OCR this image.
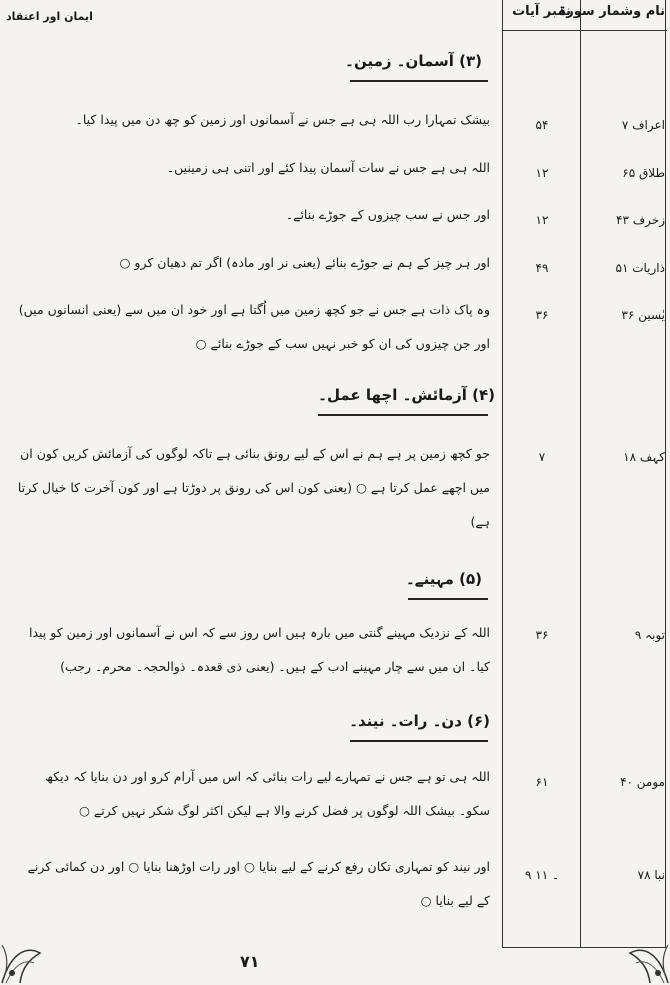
ایمان اور اعتقاد	نام وشمار سورۃ
نمبر آیات
(۳) آسمان۔ زمین۔
اعراف ۷
۵۴
بیشک تمہارا رب اللہ ہی ہے جس نے آسمانوں اور زمین کو چھ دن میں پیدا کیا۔
طلاق ۶۵
۱۲
اللہ ہی ہے جس نے سات آسمان پیدا کئے اور اتنی ہی زمینیں۔
زخرف ۴۳
۱۲
اور جس نے سب چیزوں کے جوڑے بنائے۔
ذاریات ۵۱
۴۹
اور ہر چیز کے ہم نے جوڑے بنائے (یعنی نر اور مادہ) اگر تم دھیان کرو ○
یٰسین ۳۶
۳۶
وہ پاک ذات ہے جس نے جو کچھ زمین میں اُگتا ہے اور خود ان میں سے (یعنی انسانوں میں) اور جن چیزوں کی ان کو خبر نہیں سب کے جوڑے بنائے ○
(۴) آزمائش۔ اچھا عمل۔
کہف ۱۸
۷
جو کچھ زمین پر ہے ہم نے اس کے لیے رونق بنائی ہے تاکہ لوگوں کی آزمائش کریں کون ان میں اچھے عمل کرتا ہے ○ (یعنی کون اس کی رونق پر دوڑتا ہے اور کون آخرت کا خیال کرتا ہے)
(۵) مہینے۔
توبہ ۹
۳۶
اللہ کے نزدیک مہینے گنتی میں بارہ ہیں اس روز سے کہ اس نے آسمانوں اور زمین کو پیدا کیا۔ ان میں سے چار مہینے ادب کے ہیں۔ (یعنی ذی قعدہ۔ ذوالحجہ۔ محرم۔ رجب)
(۶) دن۔ رات۔ نیند۔
مومن ۴۰
۶۱
اللہ ہی تو ہے جس نے تمہارے لیے رات بنائی کہ اس میں آرام کرو اور دن بنایا کہ دیکھ سکو۔ بیشک اللہ لوگوں پر فضل کرنے والا ہے لیکن اکثر لوگ شکر نہیں کرتے ○
نبا ۷۸
۹ ۔ ۱۱
اور نیند کو تمہاری تکان رفع کرنے کے لیے بنایا ○ اور رات اوڑھنا بنایا ○ اور دن کمائی کرنے کے لیے بنایا ○
۷۱
